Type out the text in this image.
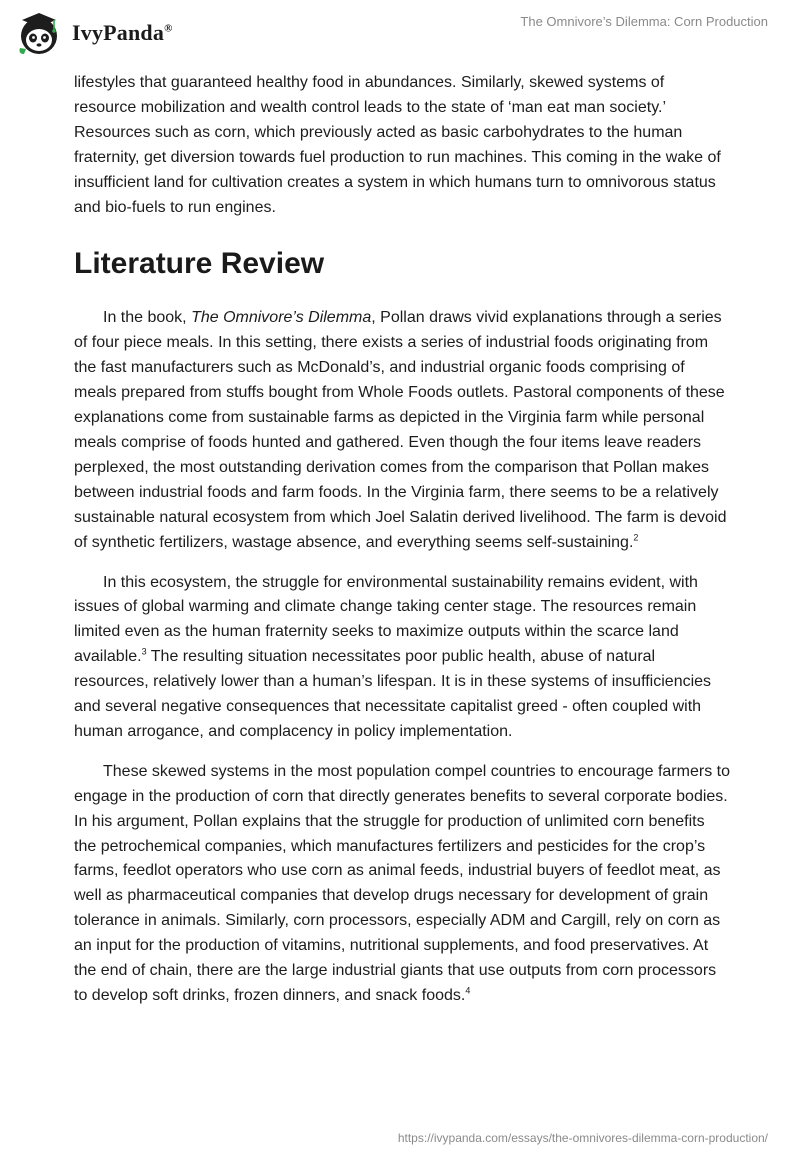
IvyPanda®	The Omnivore’s Dilemma: Corn Production

lifestyles that guaranteed healthy food in abundances. Similarly, skewed systems of resource mobilization and wealth control leads to the state of ‘man eat man society.’ Resources such as corn, which previously acted as basic carbohydrates to the human fraternity, get diversion towards fuel production to run machines. This coming in the wake of insufficient land for cultivation creates a system in which humans turn to omnivorous status and bio-fuels to run engines.

Literature Review

In the book, The Omnivore’s Dilemma, Pollan draws vivid explanations through a series of four piece meals. In this setting, there exists a series of industrial foods originating from the fast manufacturers such as McDonald’s, and industrial organic foods comprising of meals prepared from stuffs bought from Whole Foods outlets. Pastoral components of these explanations come from sustainable farms as depicted in the Virginia farm while personal meals comprise of foods hunted and gathered. Even though the four items leave readers perplexed, the most outstanding derivation comes from the comparison that Pollan makes between industrial foods and farm foods. In the Virginia farm, there seems to be a relatively sustainable natural ecosystem from which Joel Salatin derived livelihood. The farm is devoid of synthetic fertilizers, wastage absence, and everything seems self-sustaining.$^2$

In this ecosystem, the struggle for environmental sustainability remains evident, with issues of global warming and climate change taking center stage. The resources remain limited even as the human fraternity seeks to maximize outputs within the scarce land available.$^3$ The resulting situation necessitates poor public health, abuse of natural resources, relatively lower than a human’s lifespan. It is in these systems of insufficiencies and several negative consequences that necessitate capitalist greed - often coupled with human arrogance, and complacency in policy implementation.

These skewed systems in the most population compel countries to encourage farmers to engage in the production of corn that directly generates benefits to several corporate bodies. In his argument, Pollan explains that the struggle for production of unlimited corn benefits the petrochemical companies, which manufactures fertilizers and pesticides for the crop’s farms, feedlot operators who use corn as animal feeds, industrial buyers of feedlot meat, as well as pharmaceutical companies that develop drugs necessary for development of grain tolerance in animals. Similarly, corn processors, especially ADM and Cargill, rely on corn as an input for the production of vitamins, nutritional supplements, and food preservatives. At the end of chain, there are the large industrial giants that use outputs from corn processors to develop soft drinks, frozen dinners, and snack foods.$^4$

https://ivypanda.com/essays/the-omnivores-dilemma-corn-production/
